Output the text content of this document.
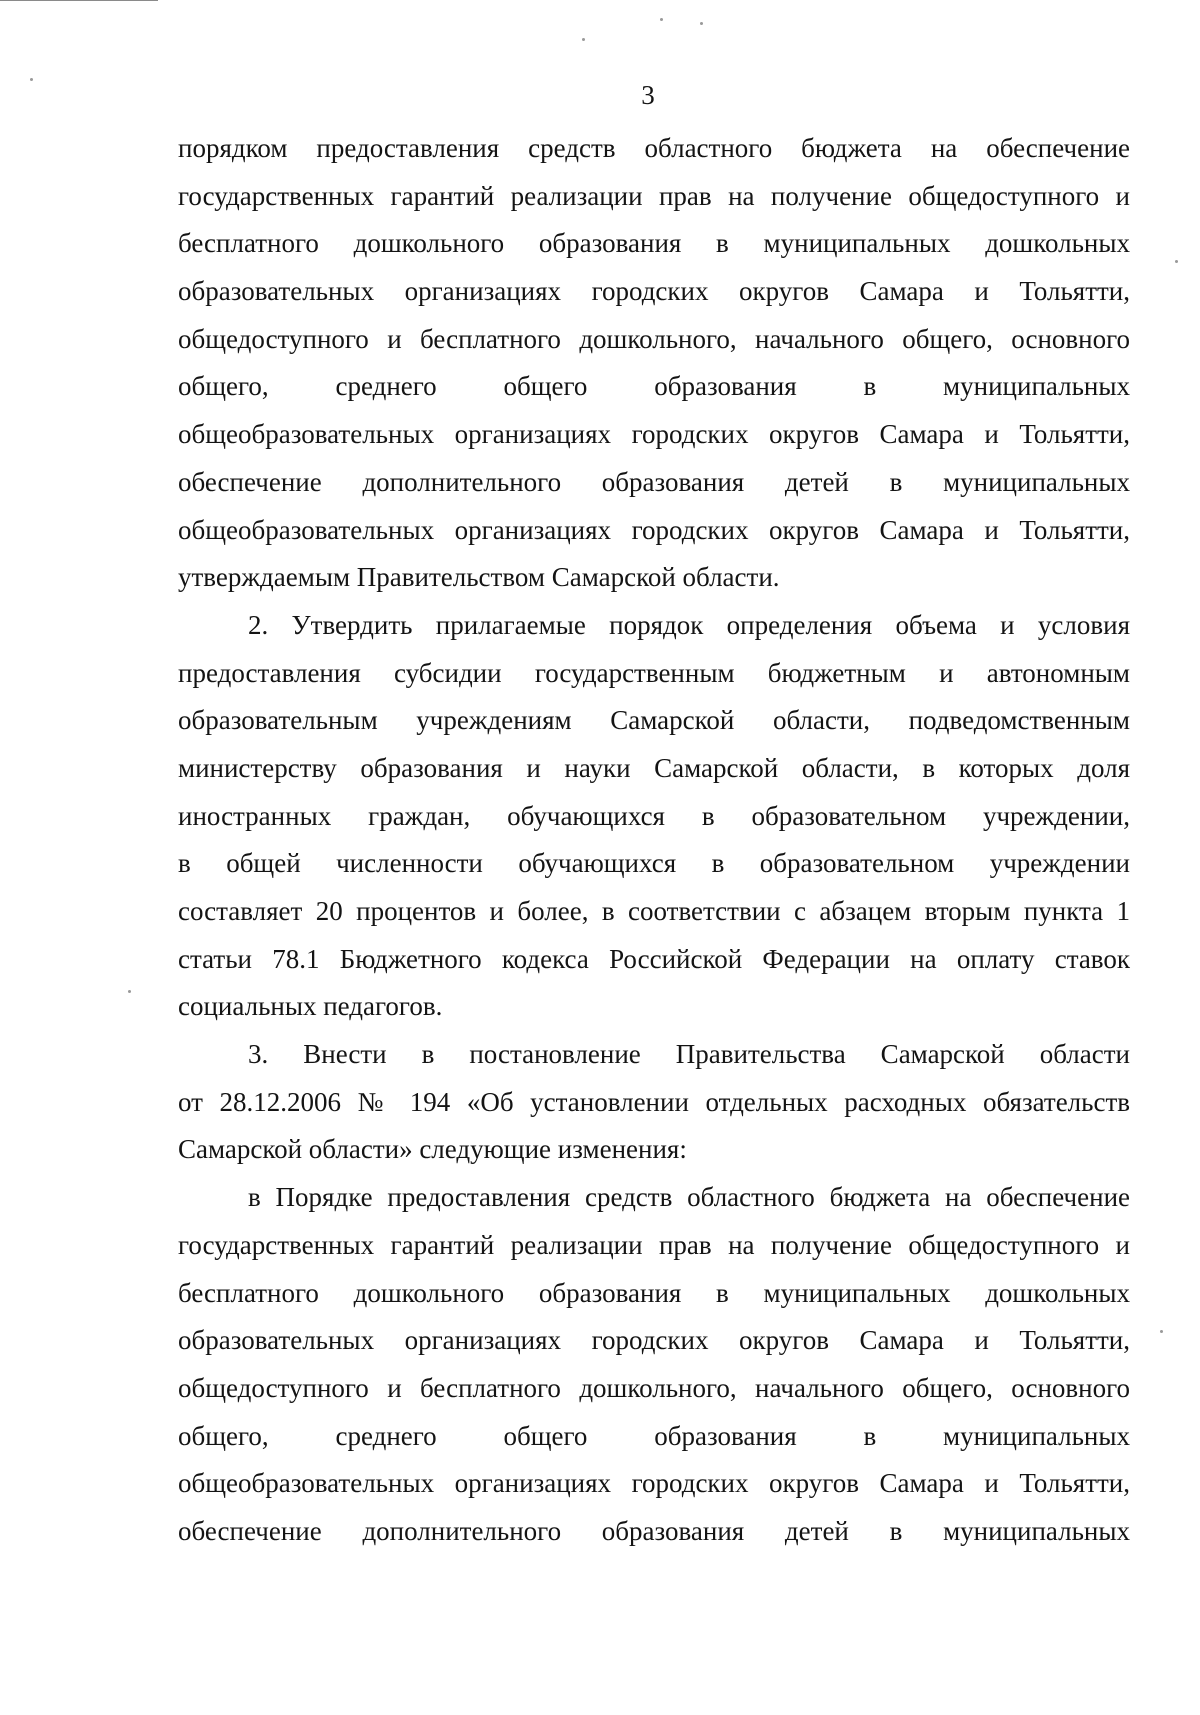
3
порядком предоставления средств областного бюджета на обеспечение
государственных гарантий реализации прав на получение общедоступного и
бесплатного дошкольного образования в муниципальных дошкольных
образовательных организациях городских округов Самара и Тольятти,
общедоступного и бесплатного дошкольного, начального общего, основного
общего, среднего общего образования в муниципальных
общеобразовательных организациях городских округов Самара и Тольятти,
обеспечение дополнительного образования детей в муниципальных
общеобразовательных организациях городских округов Самара и Тольятти,
утверждаемым Правительством Самарской области.
2. Утвердить прилагаемые порядок определения объема и условия
предоставления субсидии государственным бюджетным и автономным
образовательным учреждениям Самарской области, подведомственным
министерству образования и науки Самарской области, в которых доля
иностранных граждан, обучающихся в образовательном учреждении,
в общей численности обучающихся в образовательном учреждении
составляет 20 процентов и более, в соответствии с абзацем вторым пункта 1
статьи 78.1 Бюджетного кодекса Российской Федерации на оплату ставок
социальных педагогов.
3. Внести в постановление Правительства Самарской области
от 28.12.2006 № 194 «Об установлении отдельных расходных обязательств
Самарской области» следующие изменения:
в Порядке предоставления средств областного бюджета на обеспечение
государственных гарантий реализации прав на получение общедоступного и
бесплатного дошкольного образования в муниципальных дошкольных
образовательных организациях городских округов Самара и Тольятти,
общедоступного и бесплатного дошкольного, начального общего, основного
общего, среднего общего образования в муниципальных
общеобразовательных организациях городских округов Самара и Тольятти,
обеспечение дополнительного образования детей в муниципальных
